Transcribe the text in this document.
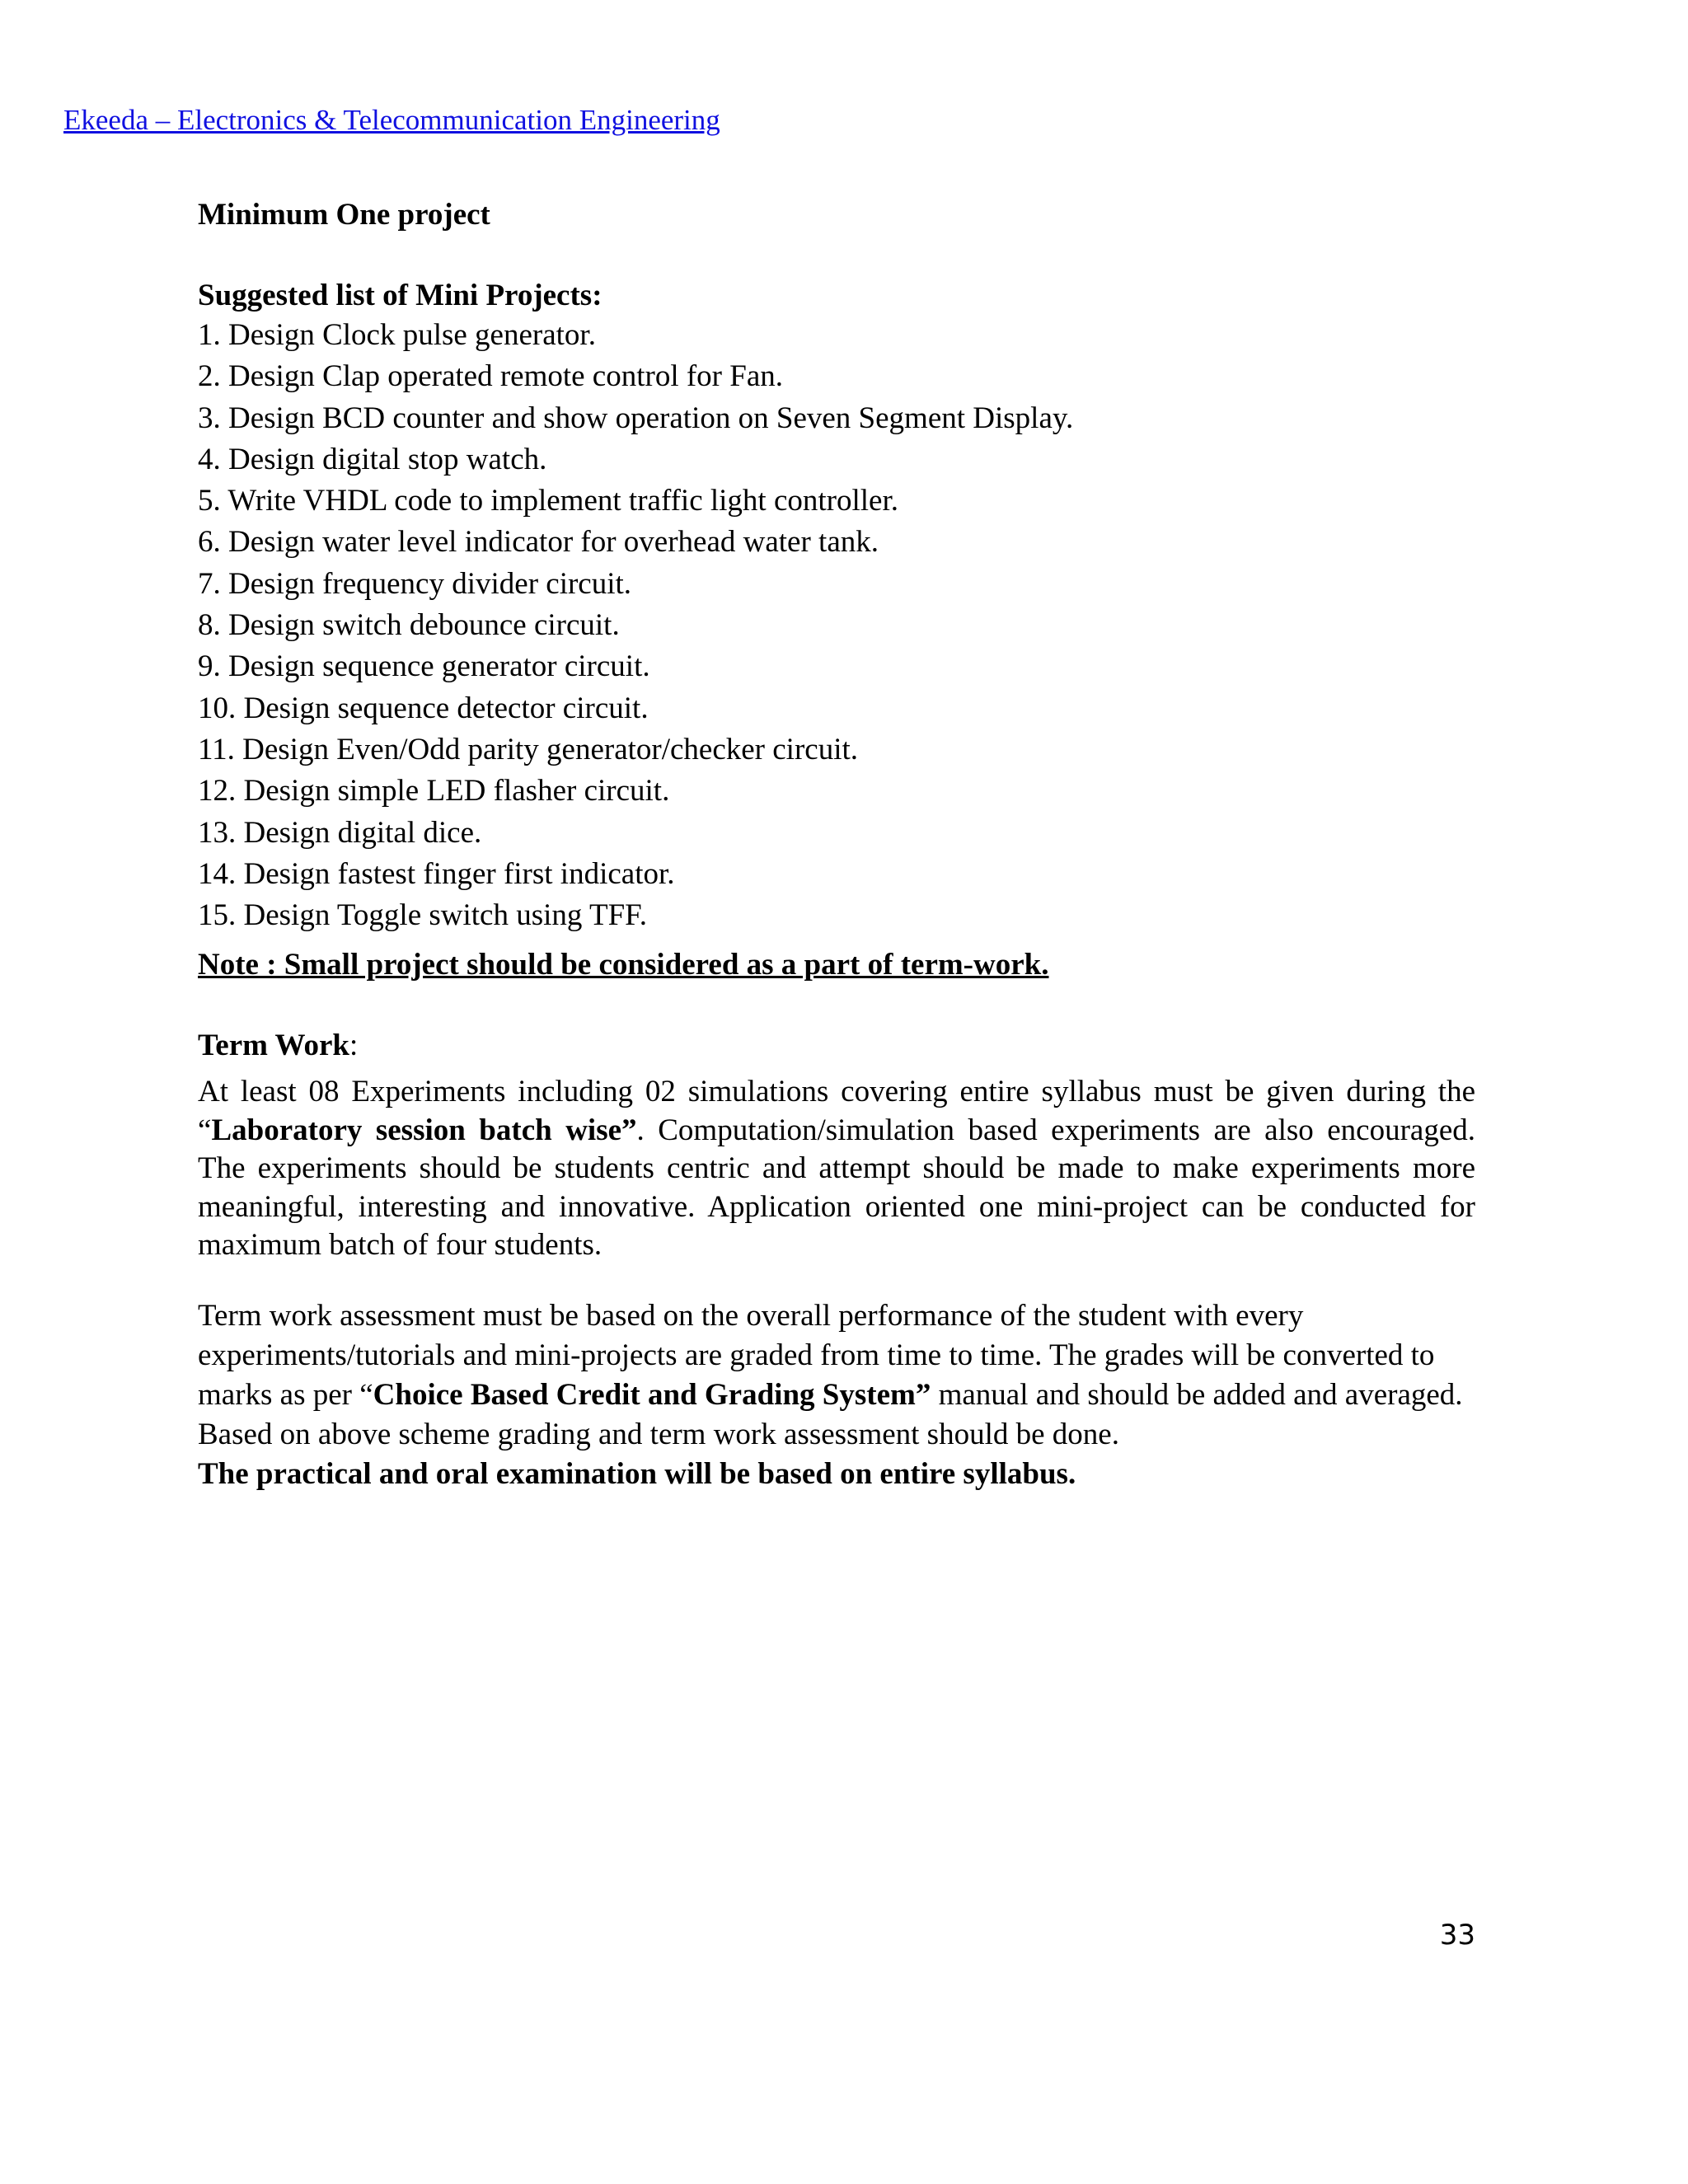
Ekeeda – Electronics & Telecommunication Engineering

Minimum One project

Suggested list of Mini Projects:

1. Design Clock pulse generator.
2. Design Clap operated remote control for Fan.
3. Design BCD counter and show operation on Seven Segment Display.
4. Design digital stop watch.
5. Write VHDL code to implement traffic light controller.
6. Design water level indicator for overhead water tank.
7. Design frequency divider circuit.
8. Design switch debounce circuit.
9. Design sequence generator circuit.
10. Design sequence detector circuit.
11. Design Even/Odd parity generator/checker circuit.
12. Design simple LED flasher circuit.
13. Design digital dice.
14. Design fastest finger first indicator.
15. Design Toggle switch using TFF.

Note : Small project should be considered as a part of term-work.

Term Work:

At least 08 Experiments including 02 simulations covering entire syllabus must be given during the “Laboratory session batch wise”. Computation/simulation based experiments are also encouraged. The experiments should be students centric and attempt should be made to make experiments more meaningful, interesting and innovative. Application oriented one mini-project can be conducted for maximum batch of four students.

Term work assessment must be based on the overall performance of the student with every experiments/tutorials and mini-projects are graded from time to time. The grades will be converted to marks as per “Choice Based Credit and Grading System” manual and should be added and averaged. Based on above scheme grading and term work assessment should be done.
The practical and oral examination will be based on entire syllabus.

33
